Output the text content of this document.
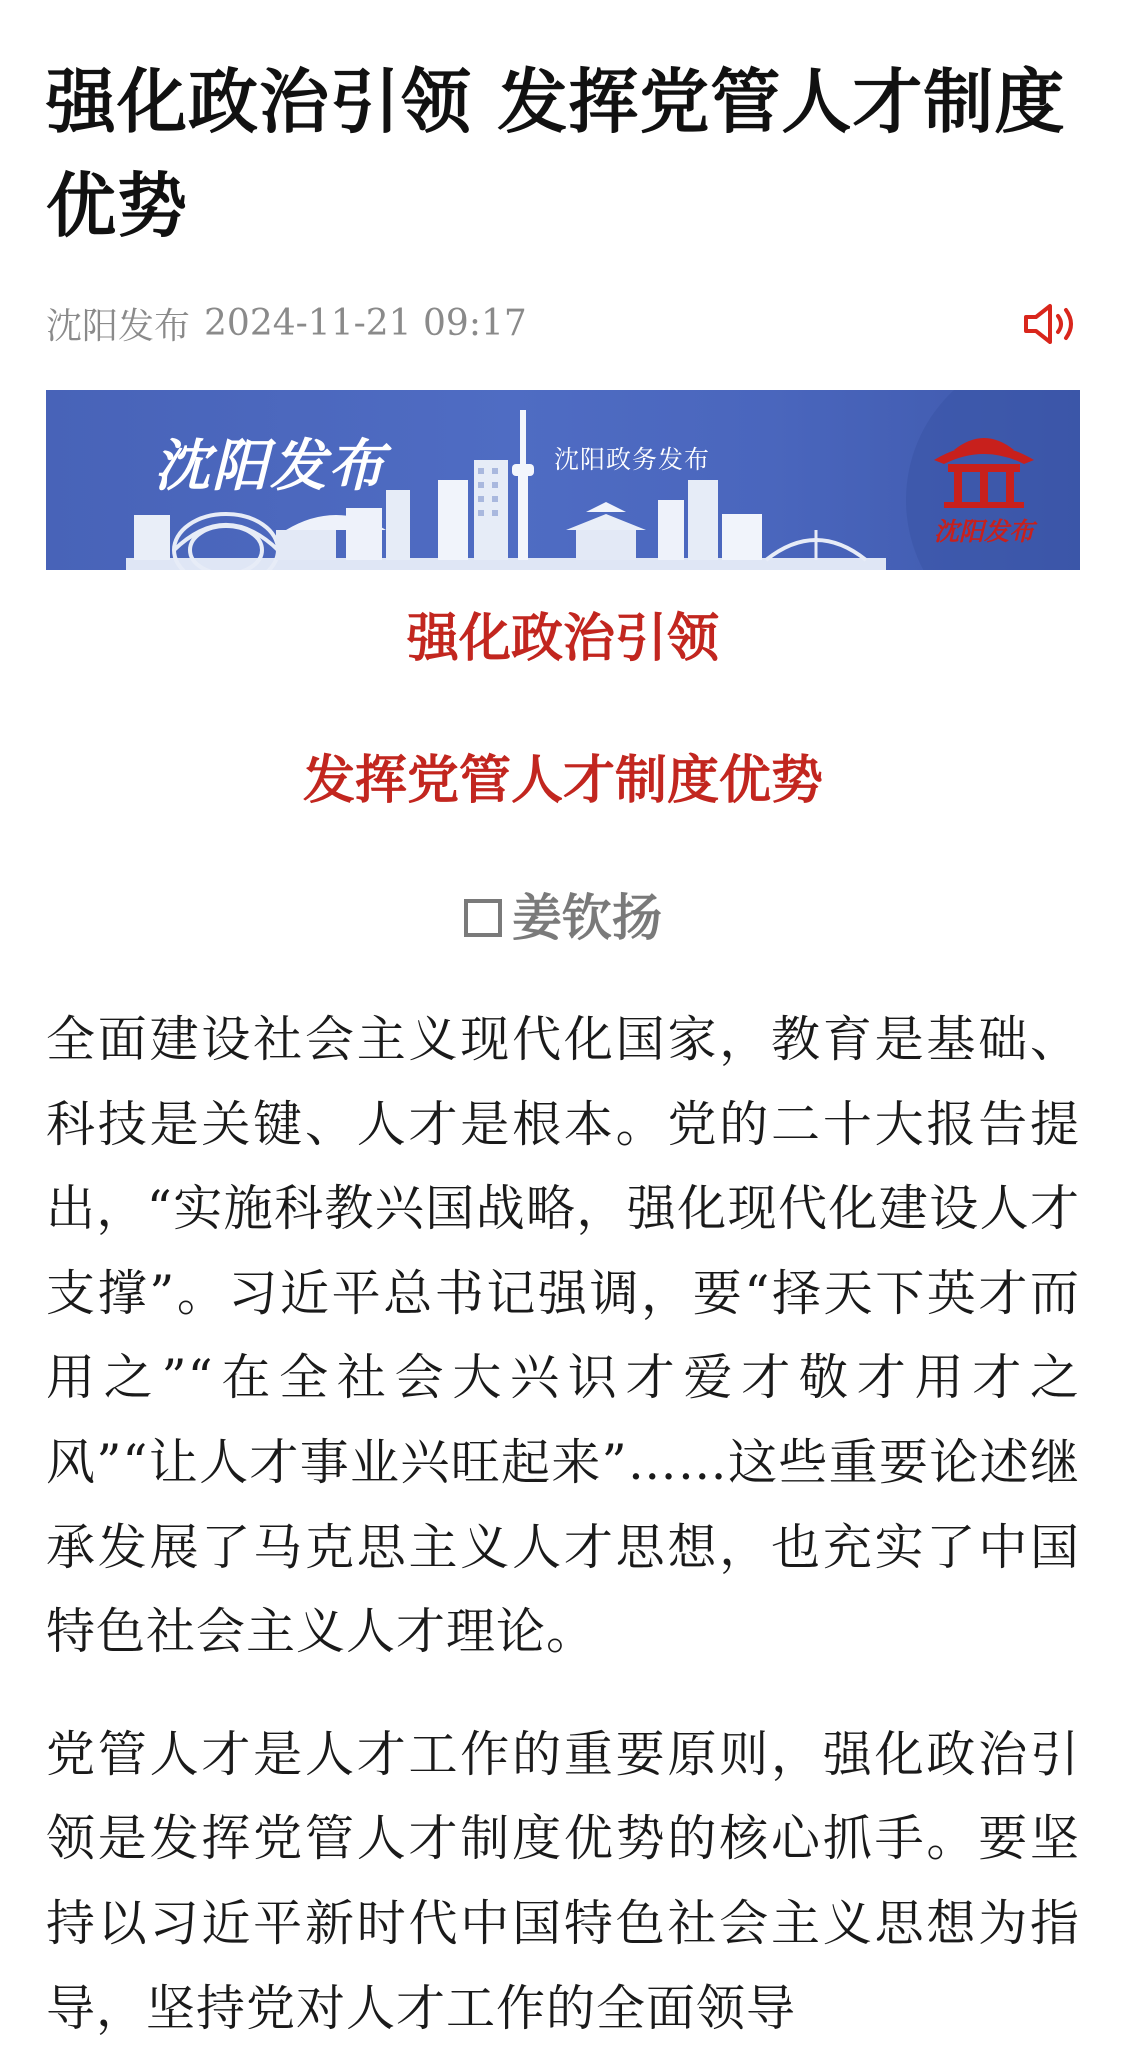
强化政治引领 发挥党管人才制度优势
沈阳发布 2024-11-21 09:17
沈阳发布	沈阳政务发布
沈阳发布
强化政治引领
发挥党管人才制度优势
姜钦扬

全面建设社会主义现代化国家，教育是基础、科技是关键、人才是根本。党的二十大报告提出，“实施科教兴国战略，强化现代化建设人才支撑”。习近平总书记强调，要“择天下英才而用之”“在全社会大兴识才爱才敬才用才之风”“让人才事业兴旺起来”……这些重要论述继承发展了马克思主义人才思想，也充实了中国特色社会主义人才理论。

党管人才是人才工作的重要原则，强化政治引领是发挥党管人才制度优势的核心抓手。要坚持以习近平新时代中国特色社会主义思想为指导，坚持党对人才工作的全面领导
